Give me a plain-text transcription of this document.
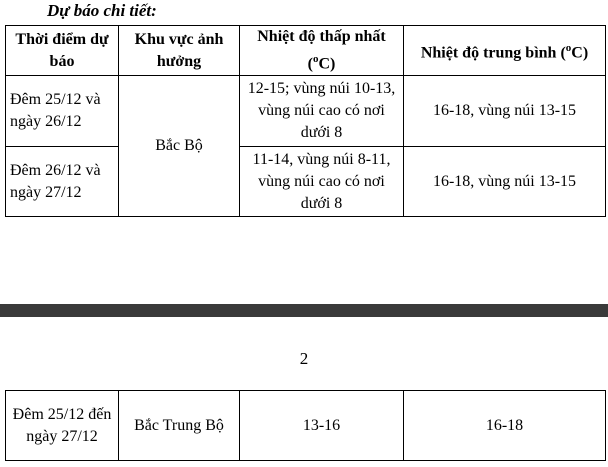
Dự báo chi tiết:
Thời điểm dự báo	Khu vực ảnh hưởng	Nhiệt độ thấp nhất ($^o$C)	Nhiệt độ trung bình ($^o$C)
Đêm 25/12 và ngày 26/12	Bắc Bộ	12-15; vùng núi 10-13, vùng núi cao có nơi dưới 8	16-18, vùng núi 13-15
Đêm 26/12 và ngày 27/12		11-14, vùng núi 8-11, vùng núi cao có nơi dưới 8	16-18, vùng núi 13-15
2
Đêm 25/12 đến ngày 27/12	Bắc Trung Bộ	13-16	16-18
